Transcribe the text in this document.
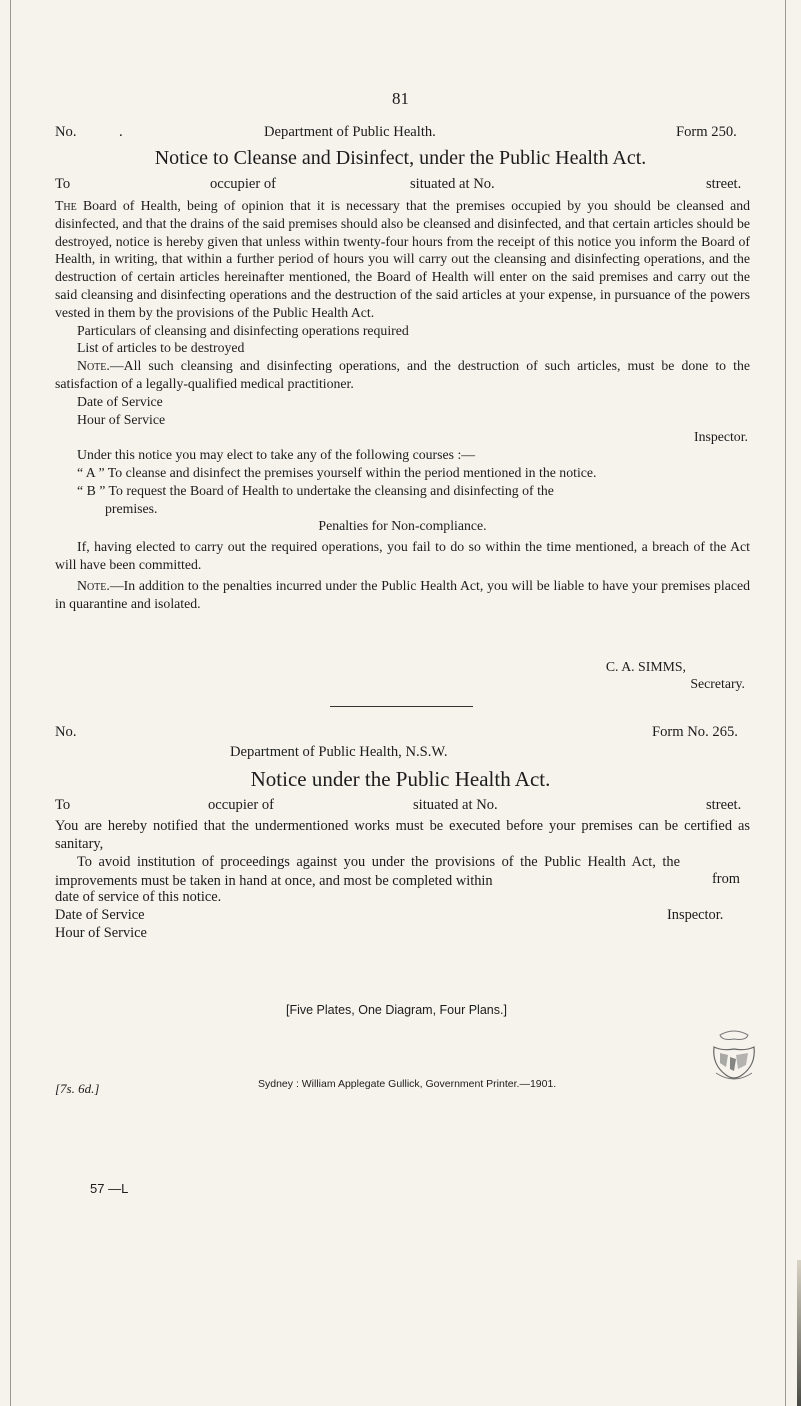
81
No.	.	Department of Public Health.	Form 250.
Notice to Cleanse and Disinfect, under the Public Health Act.
To	occupier of	situated at No.	street.

The Board of Health, being of opinion that it is necessary that the premises occupied by you should be cleansed and disinfected, and that the drains of the said premises should also be cleansed and disinfected, and that certain articles should be destroyed, notice is hereby given that unless within twenty-four hours from the receipt of this notice you inform the Board of Health, in writing, that within a further period of hours you will carry out the cleansing and disinfecting operations, and the destruction of certain articles hereinafter mentioned, the Board of Health will enter on the said premises and carry out the said cleansing and disinfecting operations and the destruction of the said articles at your expense, in pursuance of the powers vested in them by the provisions of the Public Health Act.

Particulars of cleansing and disinfecting operations required

List of articles to be destroyed

Note.—All such cleansing and disinfecting operations, and the destruction of such articles, must be done to the satisfaction of a legally-qualified medical practitioner.

Date of Service

Hour of Service

Inspector.

Under this notice you may elect to take any of the following courses :—

“ A ” To cleanse and disinfect the premises yourself within the period mentioned in the notice.

“ B ” To request the Board of Health to undertake the cleansing and disinfecting of the

premises.

Penalties for Non-compliance.

If, having elected to carry out the required operations, you fail to do so within the time mentioned, a breach of the Act will have been committed.

Note.—In addition to the penalties incurred under the Public Health Act, you will be liable to have your premises placed in quarantine and isolated.

C. A. SIMMS,
Secretary.
No.	Form No. 265.
Department of Public Health, N.S.W.
Notice under the Public Health Act.
To	occupier of	situated at No.	street.

You are hereby notified that the undermentioned works must be executed before your premises can be certified as sanitary,

To avoid institution of proceedings against you under the provisions of the Public Health Act, the improvements must be taken in hand at once, and most be completed within	from
date of service of this notice.
Date of Service	Inspector.
Hour of Service
[Five Plates, One Diagram, Four Plans.]
Sydney : William Applegate Gullick, Government Printer.—1901.
[7s. 6d.]
57 —L
